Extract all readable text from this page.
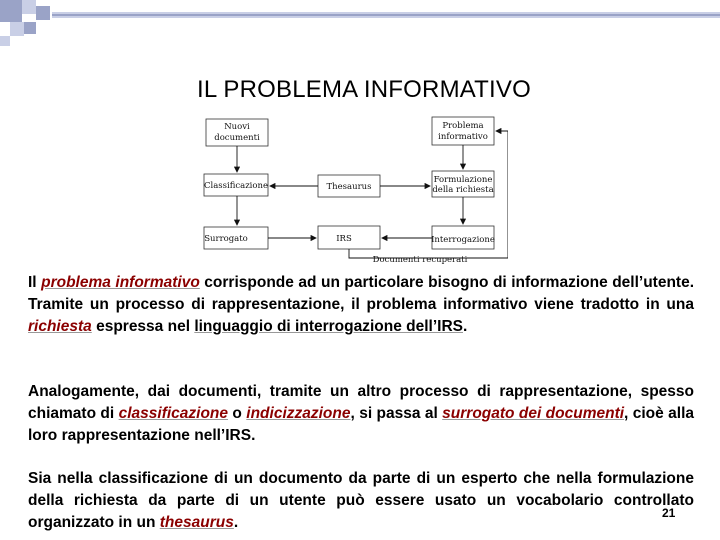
IL PROBLEMA INFORMATIVO
Nuovi
documenti
Problema
informativo
Classificazione	Thesaurus
Formulazione
della richiesta
Surrogato	IRS	Interrogazione
Documenti recuperati

Il problema informativo corrisponde ad un particolare bisogno di informazione dell’utente. Tramite un processo di rappresentazione, il problema informativo viene tradotto in una richiesta espressa nel linguaggio di interrogazione dell’IRS.

Analogamente, dai documenti, tramite un altro processo di rappresentazione, spesso chiamato di classificazione o indicizzazione, si passa al surrogato dei documenti, cioè alla loro rappresentazione nell’IRS.

Sia nella classificazione di un documento da parte di un esperto che nella formulazione della richiesta da parte di un utente può essere usato un vocabolario controllato organizzato in un thesaurus.

21
